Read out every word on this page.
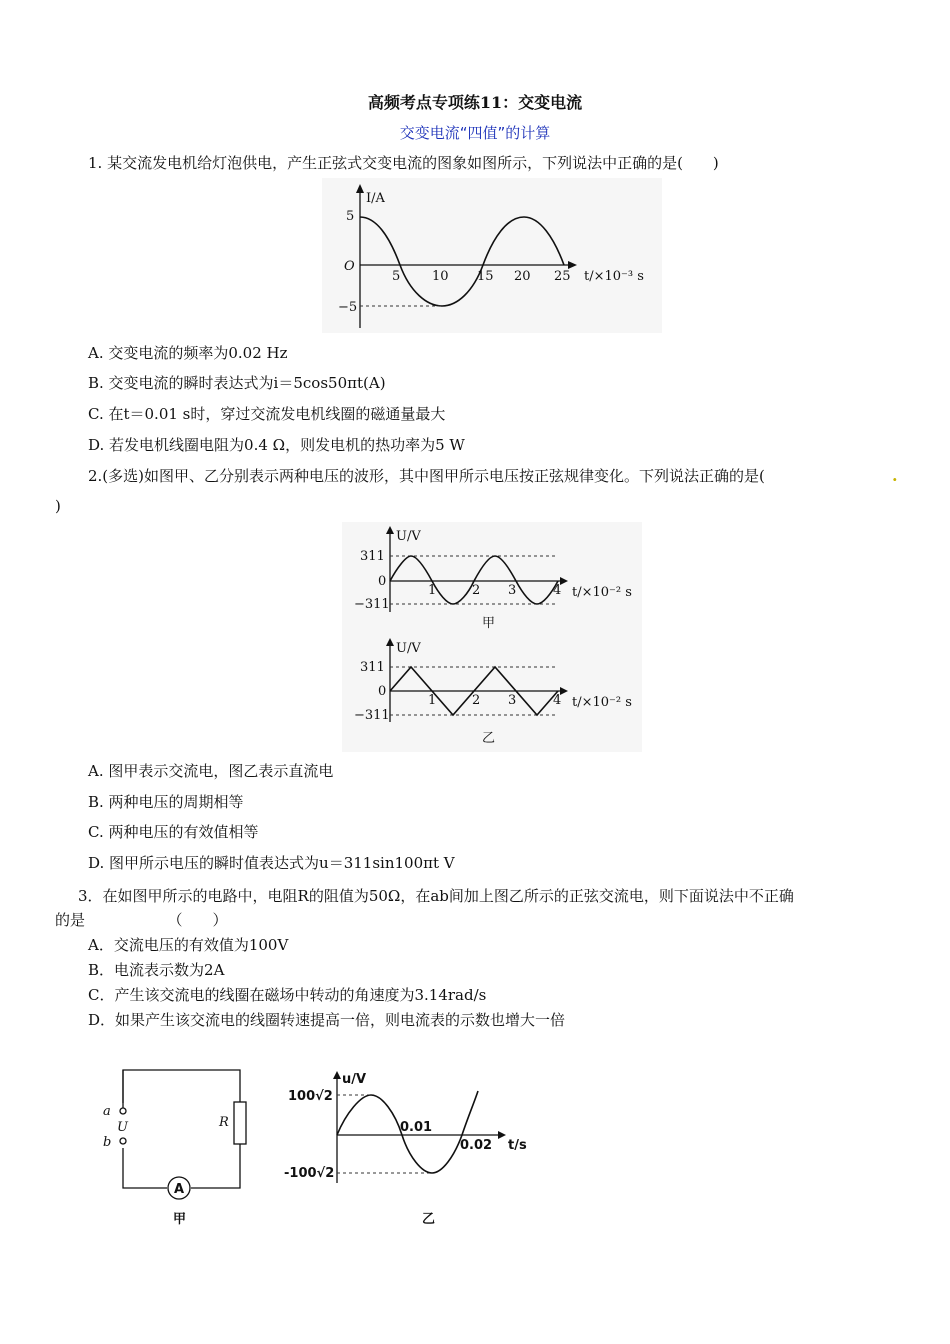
高频考点专项练11：交变电流
交变电流“四值”的计算
1. 某交流发电机给灯泡供电，产生正弦式交变电流的图象如图所示，下列说法中正确的是(　　)
I/A
5
−5
O
5 10 15 20 25 t/×10⁻³ s
A. 交变电流的频率为0.02 Hz
B. 交变电流的瞬时表达式为i＝5cos50πt(A)
C. 在t＝0.01 s时，穿过交流发电机线圈的磁通量最大
D. 若发电机线圈电阻为0.4 Ω，则发电机的热功率为5 W
2.(多选)如图甲、乙分别表示两种电压的波形，其中图甲所示电压按正弦规律变化。下列说法正确的是(	.
)
U/V
311
0
−311
1	2 3	4 t/×10⁻² s
甲
U/V
311
0
−311
1	2 3	4 t/×10⁻² s
乙
A. 图甲表示交流电，图乙表示直流电
B. 两种电压的周期相等
C. 两种电压的有效值相等
D. 图甲所示电压的瞬时值表达式为u＝311sin100πt V
3．在如图甲所示的电路中，电阻R的阻值为50Ω，在ab间加上图乙所示的正弦交流电，则下面说法中不正确
的是　　　　　　（　　）
A．交流电压的有效值为100V
B．电流表示数为2A
C．产生该交流电的线圈在磁场中转动的角速度为3.14rad/s
D．如果产生该交流电的线圈转速提高一倍，则电流表的示数也增大一倍
a
U
b
R
A
甲
u/V
100√2
-100√2
0.01
0.02 t/s
乙
